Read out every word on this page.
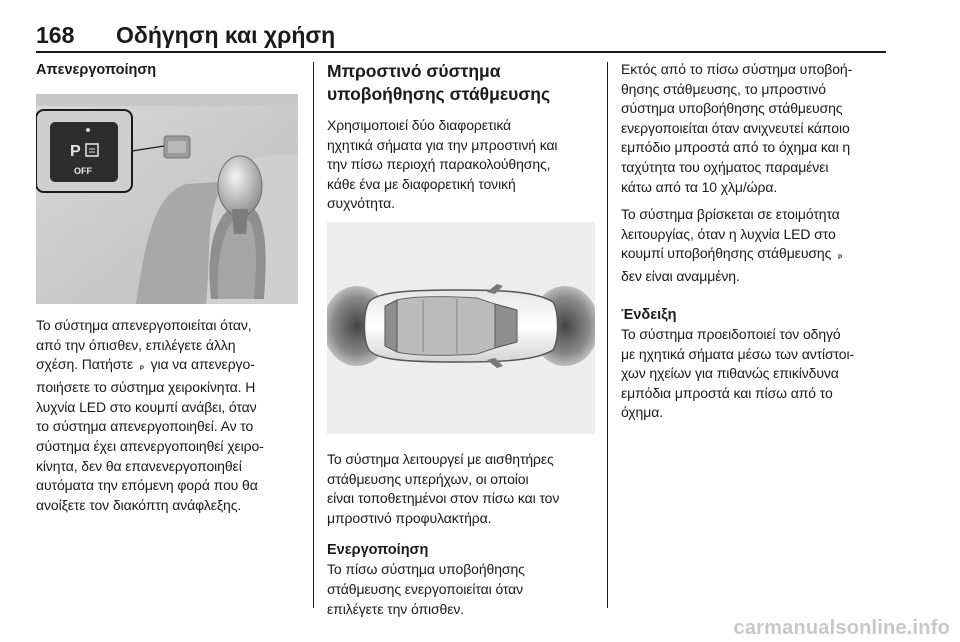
168 Οδήγηση και χρήση
Απενεργοποίηση
P
OFF

Το σύστημα απενεργοποιείται όταν,
από την όπισθεν, επιλέγετε άλλη
σχέση. Πατήστε P για να απενεργο-
ποιήσετε το σύστημα χειροκίνητα. Η
λυχνία LED στο κουμπί ανάβει, όταν
το σύστημα απενεργοποιηθεί. Αν το
σύστημα έχει απενεργοποιηθεί χειρο-
κίνητα, δεν θα επανενεργοποιηθεί
αυτόματα την επόμενη φορά που θα
ανοίξετε τον διακόπτη ανάφλεξης.

Μπροστινό σύστημα
υποβοήθησης στάθμευσης

Χρησιμοποιεί δύο διαφορετικά
ηχητικά σήματα για την μπροστινή και
την πίσω περιοχή παρακολούθησης,
κάθε ένα με διαφορετική τονική
συχνότητα.

Το σύστημα λειτουργεί με αισθητήρες
στάθμευσης υπερήχων, οι οποίοι
είναι τοποθετημένοι στον πίσω και τον
μπροστινό προφυλακτήρα.

Ενεργοποίηση

Το πίσω σύστημα υποβοήθησης
στάθμευσης ενεργοποιείται όταν
επιλέγετε την όπισθεν.

Εκτός από το πίσω σύστημα υποβοή-
θησης στάθμευσης, το μπροστινό
σύστημα υποβοήθησης στάθμευσης
ενεργοποιείται όταν ανιχνευτεί κάποιο
εμπόδιο μπροστά από το όχημα και η
ταχύτητα του οχήματος παραμένει
κάτω από τα 10 χλμ/ώρα.

Το σύστημα βρίσκεται σε ετοιμότητα
λειτουργίας, όταν η λυχνία LED στο
κουμπί υποβοήθησης στάθμευσης P
δεν είναι αναμμένη.

Ένδειξη

Το σύστημα προειδοποιεί τον οδηγό
με ηχητικά σήματα μέσω των αντίστοι-
χων ηχείων για πιθανώς επικίνδυνα
εμπόδια μπροστά και πίσω από το
όχημα.

carmanualsonline.info
